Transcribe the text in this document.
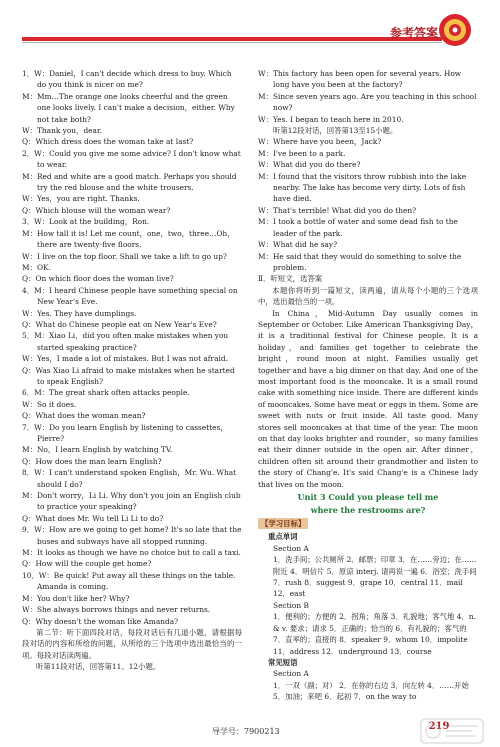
参考答案

1．W：Daniel，I can't decide which dress to buy. Which do you think is nicer on me?

M：Mm…The orange one looks cheerful and the green one looks lively. I can't make a decision，either. Why not take both?

W：Thank you，dear.

Q：Which dress does the woman take at last?

2．W：Could you give me some advice? I don't know what to wear.

M：Red and white are a good match. Perhaps you should try the red blouse and the white trousers.

W：Yes，you are right. Thanks.

Q：Which blouse will the woman wear?

3．W：Look at the building，Ron.

M：How tall it is! Let me count，one，two，three…Oh，there are twenty-five floors.

W：I live on the top floor. Shall we take a lift to go up?

M：OK.

Q：On which floor does the woman live?

4．M：I heard Chinese people have something special on New Year's Eve.

W：Yes. They have dumplings.

Q：What do Chinese people eat on New Year's Eve?

5．M：Xiao Li，did you often make mistakes when you started speaking practice?

W：Yes，I made a lot of mistakes. But I was not afraid.

Q：Was Xiao Li afraid to make mistakes when he started to speak English?

6．M：The great shark often attacks people.

W：So it does.

Q：What does the woman mean?

7．W：Do you learn English by listening to cassettes，Pierre?

M：No，I learn English by watching TV.

Q：How does the man learn English?

8．W：I can't understand spoken English，Mr. Wu. What should I do?

M：Don't worry，Li Li. Why don't you join an English club to practice your speaking?

Q：What does Mr. Wu tell Li Li to do?

9．W：How are we going to get home? It's so late that the buses and subways have all stopped running.

M：It looks as though we have no choice but to call a taxi.

Q：How will the couple get home?

10．W：Be quick! Put away all these things on the table. Amanda is coming.

M：You don't like her? Why?

W：She always borrows things and never returns.

Q：Why doesn't the woman like Amanda?

第二节：听下面四段对话，每段对话后有几道小题，请根据每段对话的内容和所给的问题，从所给的三个选项中选出最恰当的一项。每段对话读两遍。

听第11段对话，回答第11、12小题。

W：This factory has been open for several years. How long have you been at the factory?

M：Since seven years ago. Are you teaching in this school now?

W：Yes. I began to teach here in 2010.

听第12段对话，回答第13至15小题。

W：Where have you been，Jack?

M：I've been to a park.

W：What did you do there?

M：I found that the visitors throw rubbish into the lake nearby. The lake has become very dirty. Lots of fish have died.

W：That's terrible! What did you do then?

M：I took a bottle of water and some dead fish to the leader of the park.

W：What did he say?

M：He said that they would do something to solve the problem.

Ⅱ．听短文，选答案

本题你将听到一篇短文，读两遍，请从每个小题的三个选项中，选出最恰当的一项。

In China，Mid-Autumn Day usually comes in September or October. Like American Thanksgiving Day，it is a traditional festival for Chinese people. It is a holiday，and families get together to celebrate the bright，round moon at night. Families usually get together and have a big dinner on that day. And one of the most important food is the mooncake. It is a small round cake with something nice inside. There are different kinds of mooncakes. Some have meat or eggs in them. Some are sweet with nuts or fruit inside. All taste good. Many stores sell mooncakes at that time of the year. The moon on that day looks brighter and rounder，so many families eat their dinner outside in the open air. After dinner，children often sit around their grandmother and listen to the story of Chang'e. It's said Chang'e is a Chinese lady that lives on the moon.

Unit 3 Could you please tell me
where the restrooms are?
【学习目标】

重点单词

Section A

1．洗手间；公共厕所 2．邮票；印章 3．在……旁边；在……附近 4．明信片 5．原谅 interj. 请再说一遍 6．浴室；洗手间 7．rush 8．suggest 9．grape 10．central 11．mail 12．east

Section B

1．便利的；方便的 2．拐角；角落 3．礼貌地；客气地 4．n. & v. 要求；请求 5．正确的；恰当的 6．有礼貌的；客气的 7．直率的；直接的 8．speaker 9．whom 10．impolite 11．address 12．underground 13．course

常见短语

Section A

1．一双（副；对） 2．在你的右边 3．向左转 4．……开始 5．加油；来吧 6．起初 7．on the way to

导学号：7900213	219
